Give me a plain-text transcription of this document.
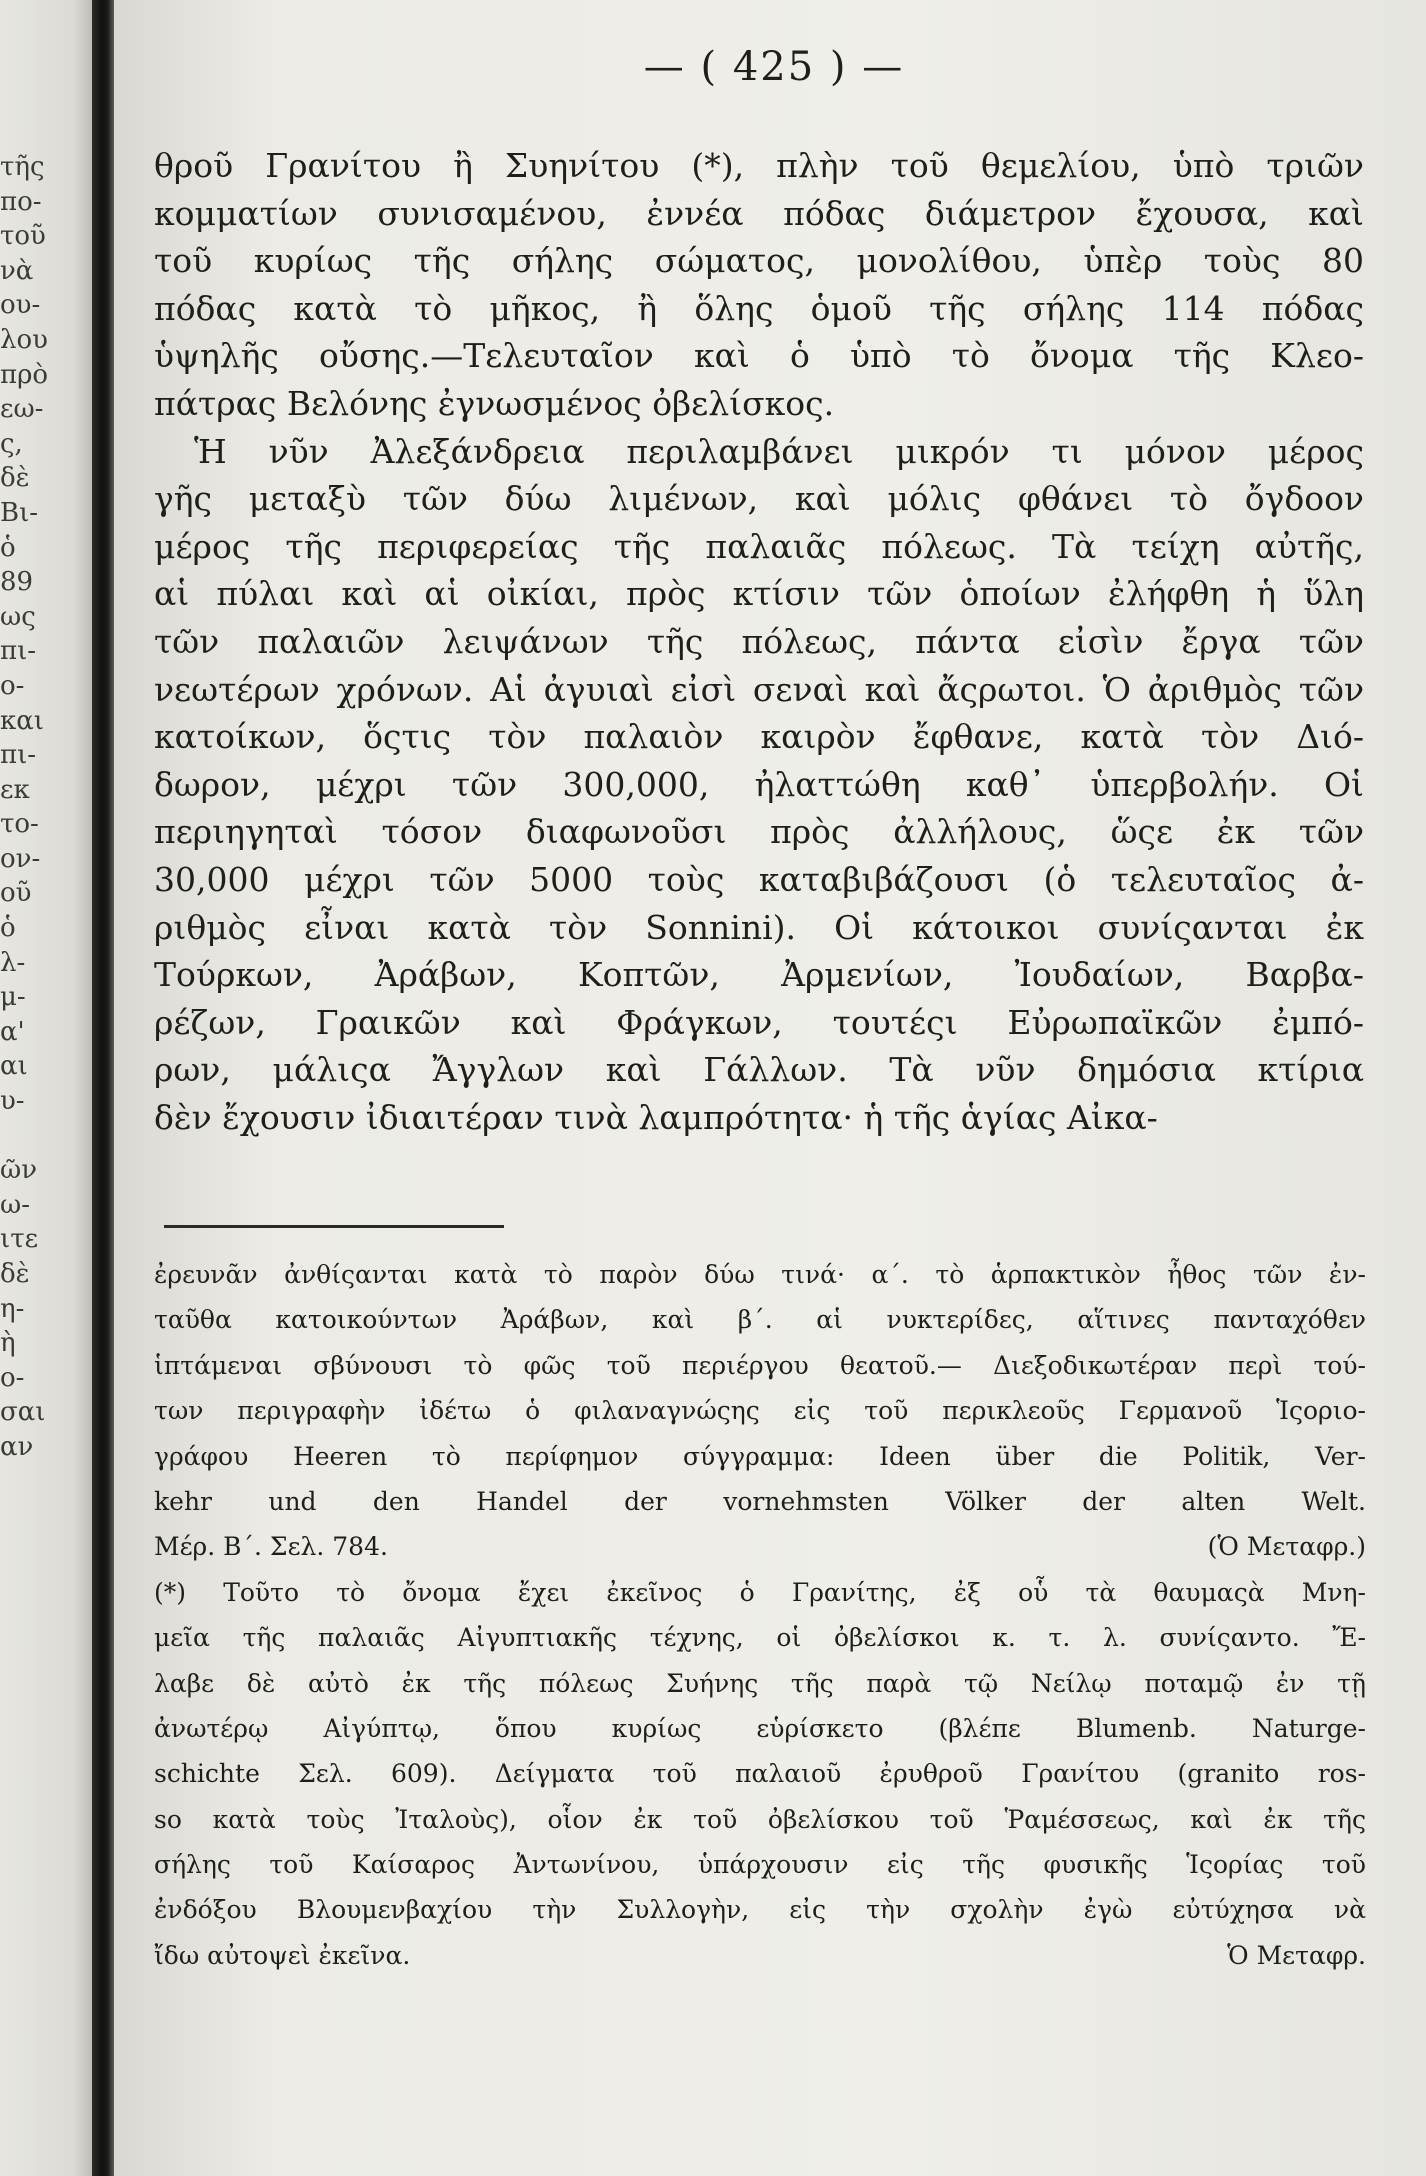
τῆς
πο-
τοῦ
νὰ
ου-
λου
πρὸ
εω-
ς,
δὲ
Βι-
ὁ
89
ως
πι-
ο-
και
πι-
εκ
το-
ον-
οῦ
ὁ
λ-
μ-
α'
αι
υ-
ῶν
ω-
ιτε
δὲ
η-
ὴ
ο-
σαι
αν
— ( 425 ) —
θροῦ Γρανίτου ἢ Συηνίτου (*), πλὴν τοῦ θεμελίου, ὑπὸ τριῶν
κομματίων συνισαμένου, ἐννέα πόδας διάμετρον ἔχουσα, καὶ
τοῦ κυρίως τῆς σήλης σώματος, μονολίθου, ὑπὲρ τοὺς 80
πόδας κατὰ τὸ μῆκος, ἢ ὅλης ὁμοῦ τῆς σήλης 114 πόδας
ὑψηλῆς οὔσης.—Τελευταῖον καὶ ὁ ὑπὸ τὸ ὄνομα τῆς Κλεο-
πάτρας Βελόνης ἐγνωσμένος ὀβελίσκος.
Ἡ νῦν Ἀλεξάνδρεια περιλαμβάνει μικρόν τι μόνον μέρος
γῆς μεταξὺ τῶν δύω λιμένων, καὶ μόλις φθάνει τὸ ὄγδοον
μέρος τῆς περιφερείας τῆς παλαιᾶς πόλεως. Τὰ τείχη αὐτῆς,
αἱ πύλαι καὶ αἱ οἰκίαι, πρὸς κτίσιν τῶν ὁποίων ἐλήφθη ἡ ὕλη
τῶν παλαιῶν λειψάνων τῆς πόλεως, πάντα εἰσὶν ἔργα τῶν
νεωτέρων χρόνων. Αἱ ἀγυιαὶ εἰσὶ σεναὶ καὶ ἄςρωτοι. Ὁ ἀριθμὸς τῶν
κατοίκων, ὅςτις τὸν παλαιὸν καιρὸν ἔφθανε, κατὰ τὸν Διό-
δωρον, μέχρι τῶν 300,000, ἠλαττώθη καθ᾽ ὑπερβολήν. Οἱ
περιηγηταὶ τόσον διαφωνοῦσι πρὸς ἀλλήλους, ὥςε ἐκ τῶν
30,000 μέχρι τῶν 5000 τοὺς καταβιβάζουσι (ὁ τελευταῖος ἀ-
ριθμὸς εἶναι κατὰ τὸν Sonnini). Οἱ κάτοικοι συνίςανται ἐκ
Τούρκων, Ἀράβων, Κοπτῶν, Ἀρμενίων, Ἰουδαίων, Βαρβα-
ρέζων, Γραικῶν καὶ Φράγκων, τουτέςι Εὐρωπαϊκῶν ἐμπό-
ρων, μάλιςα Ἄγγλων καὶ Γάλλων. Τὰ νῦν δημόσια κτίρια
δὲν ἔχουσιν ἰδιαιτέραν τινὰ λαμπρότητα· ἡ τῆς ἁγίας Αἰκα-
ἐρευνᾶν ἀνθίςανται κατὰ τὸ παρὸν δύω τινά· α΄. τὸ ἁρπακτικὸν ἦθος τῶν ἐν-
ταῦθα κατοικούντων Ἀράβων, καὶ β΄. αἱ νυκτερίδες, αἵτινες πανταχόθεν
ἱπτάμεναι σβύνουσι τὸ φῶς τοῦ περιέργου θεατοῦ.— Διεξοδικωτέραν περὶ τού-
των περιγραφὴν ἰδέτω ὁ φιλαναγνώςης εἰς τοῦ περικλεοῦς Γερμανοῦ Ἱςοριο-
γράφου Heeren τὸ περίφημον σύγγραμμα: Ideen über die Politik, Ver-
kehr und den Handel der vornehmsten Völker der alten Welt.
Μέρ. Β΄. Σελ. 784.	(Ὁ Μεταφρ.)
(*) Τοῦτο τὸ ὄνομα ἔχει ἐκεῖνος ὁ Γρανίτης, ἐξ οὗ τὰ θαυμαςὰ Μνη-
μεῖα τῆς παλαιᾶς Αἰγυπτιακῆς τέχνης, οἱ ὀβελίσκοι κ. τ. λ. συνίςαντο. Ἔ-
λαβε δὲ αὐτὸ ἐκ τῆς πόλεως Συήνης τῆς παρὰ τῷ Νείλῳ ποταμῷ ἐν τῇ
ἀνωτέρῳ Αἰγύπτῳ, ὅπου κυρίως εὑρίσκετο (βλέπε Blumenb. Naturge-
schichte Σελ. 609). Δείγματα τοῦ παλαιοῦ ἐρυθροῦ Γρανίτου (granito ros-
so κατὰ τοὺς Ἰταλοὺς), οἷον ἐκ τοῦ ὀβελίσκου τοῦ Ῥαμέσσεως, καὶ ἐκ τῆς
σήλης τοῦ Καίσαρος Ἀντωνίνου, ὑπάρχουσιν εἰς τῆς φυσικῆς Ἱςορίας τοῦ
ἐνδόξου Βλουμενβαχίου τὴν Συλλογὴν, εἰς τὴν σχολὴν ἐγὼ εὐτύχησα νὰ
ἴδω αὐτοψεὶ ἐκεῖνα.	Ὁ Μεταφρ.
